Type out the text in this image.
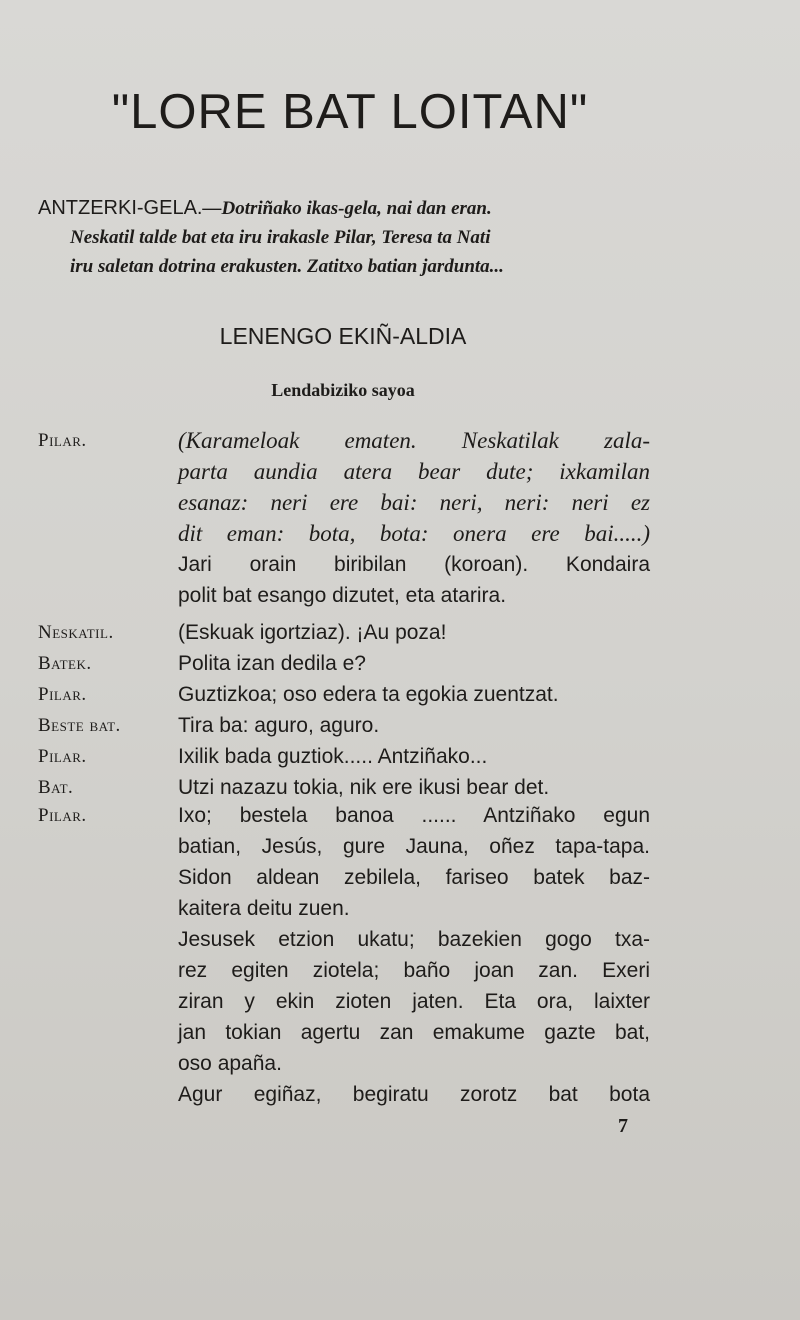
"LORE BAT LOITAN"
ANTZERKI-GELA.—Dotriñako ikas-gela, nai dan eran.
Neskatil talde bat eta iru irakasle Pilar, Teresa ta Nati
iru saletan dotrina erakusten. Zatitxo batian jardunta...
LENENGO EKIÑ-ALDIA
Lendabiziko sayoa
Pilar.	(Karameloak ematen. Neskatilak zala-
parta aundia atera bear dute; ixkamilan
esanaz: neri ere bai: neri, neri: neri ez
dit eman: bota, bota: onera ere bai.....)
Jari orain biribilan (koroan). Kondaira
polit bat esango dizutet, eta atarira.
Neskatil.	(Eskuak igortziaz). ¡Au poza!
Batek.	Polita izan dedila e?
Pilar.	Guztizkoa; oso edera ta egokia zuentzat.
Beste bat.	Tira ba: aguro, aguro.
Pilar.	Ixilik bada guztiok..... Antziñako...
Bat.	Utzi nazazu tokia, nik ere ikusi bear det.
Pilar.	Ixo; bestela banoa ...... Antziñako egun
batian, Jesús, gure Jauna, oñez tapa-tapa.
Sidon aldean zebilela, fariseo batek baz-
kaitera deitu zuen.
Jesusek etzion ukatu; bazekien gogo txa-
rez egiten ziotela; baño joan zan. Exeri
ziran y ekin zioten jaten. Eta ora, laixter
jan tokian agertu zan emakume gazte bat,
oso apaña.
Agur egiñaz, begiratu zorotz bat bota
7
